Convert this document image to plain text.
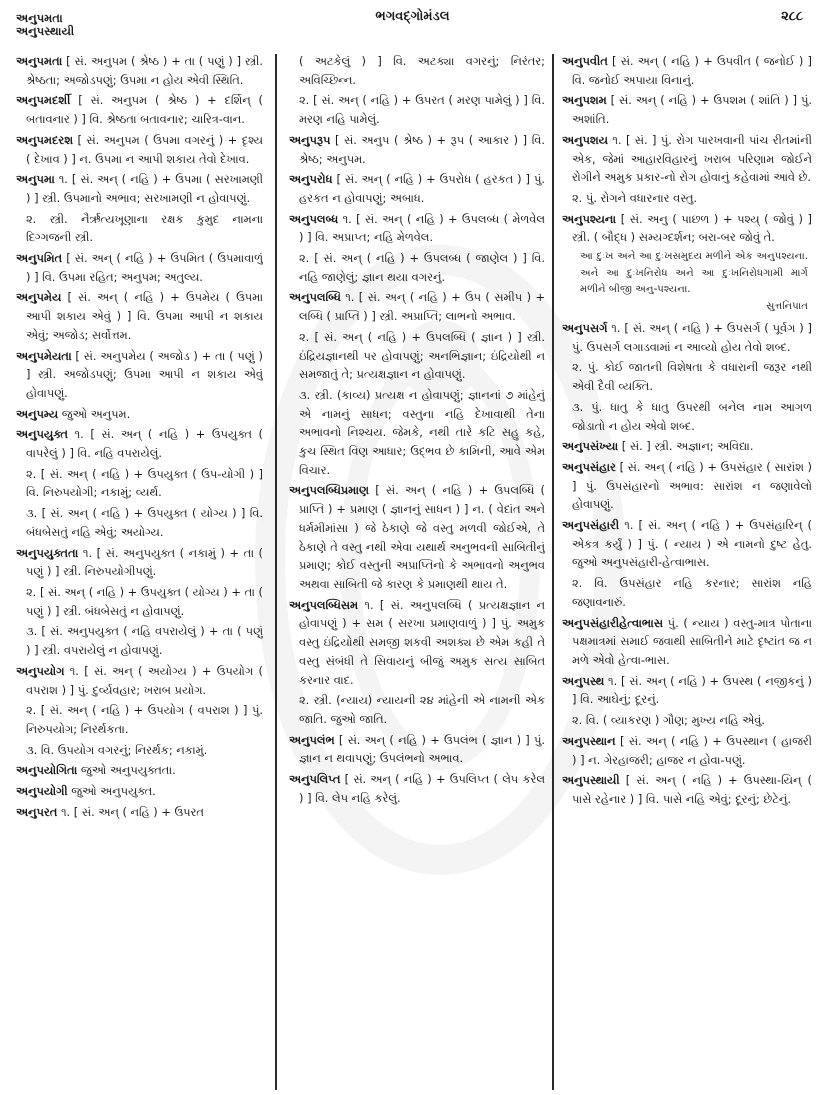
અનુપમતા
અનુપસ્થાયી
ભગવદ્ગોમંડલ	૨૮૮

અનુપમતા [ સં. અનુપમ ( શ્રેષ્ઠ ) + તા ( પણું ) ] સ્ત્રી. શ્રેષ્ઠતા; અજોડપણું; ઉપમા ન હોય એવી સ્થિતિ.

અનુપમદર્શી [ સં. અનુપમ ( શ્રેષ્ઠ ) + દર્શિન્ ( બતાવનાર ) ] વિ. શ્રેષ્ઠતા બતાવનાર; ચારિત્ર-વાન.

અનુપમદરશ [ સં. અનુપમ ( ઉપમા વગરનું ) + દૃશ્ય ( દેખાવ ) ] ન. ઉપમા ન આપી શકાય તેવો દેખાવ.

અનુપમા ૧. [ સં. અન્ ( નહિ ) + ઉપમા ( સરખામણી ) ] સ્ત્રી. ઉપમાનો અભાવ; સરખામણી ન હોવાપણું.

૨. સ્ત્રી. નૈર્ઋત્યખૂણાના રક્ષક કુમુદ નામના દિગ્ગજની સ્ત્રી.

અનુપમિત [ સં. અન્ ( નહિ ) + ઉપમિત ( ઉપમાવાળું ) ] વિ. ઉપમા રહિત; અનુપમ; અતુલ્ય.

અનુપમેય [ સં. અન્ ( નહિ ) + ઉપમેય ( ઉપમા આપી શકાય એવું ) ] વિ. ઉપમા આપી ન શકાય એવું; અજોડ; સર્વોત્તમ.

અનુપમેયતા [ સં. અનુપમેય ( અજોડ ) + તા ( પણું ) ] સ્ત્રી. અજોડપણું; ઉપમા આપી ન શકાય એવું હોવાપણું.

અનુપમ્ય જુઓ અનુપમ.

અનુપયુક્ત ૧. [ સં. અન્ ( નહિ ) + ઉપયુક્ત ( વાપરેલું ) ] વિ. નહિ વપરાયેલું.

૨. [ સં. અન્ ( નહિ ) + ઉપયુક્ત ( ઉપ-યોગી ) ] વિ. નિરુપયોગી; નકામું; વ્યર્થ.

૩. [ સં. અન્ ( નહિ ) + ઉપયુક્ત ( યોગ્ય ) ] વિ. બંધબેસતું નહિ એવું; અયોગ્ય.

અનુપયુક્તતા ૧. [ સં. અનુપયુક્ત ( નકામું ) + તા ( પણું ) ] સ્ત્રી. નિરુપયોગીપણું.

૨. [ સં. અન્ ( નહિ ) + ઉપયુક્ત ( યોગ્ય ) + તા ( પણું ) ] સ્ત્રી. બંધબેસતું ન હોવાપણું.

૩. [ સં. અનુપયુક્ત ( નહિ વપરાયેલું ) + તા ( પણું ) ] સ્ત્રી. વપરાયેલું ન હોવાપણું.

અનુપયોગ ૧. [ સં. અન્ ( અયોગ્ય ) + ઉપયોગ ( વપરાશ ) ] પું. દુર્વ્યવહાર; ખરાબ પ્રયોગ.

૨. [ સં. અન્ ( નહિ ) + ઉપયોગ ( વપરાશ ) ] પું. નિરુપયોગ; નિરર્થકતા.

૩. વિ. ઉપયોગ વગરનું; નિરર્થક; નકામું.

અનુપયોગિતા જુઓ અનુપયુક્તતા.

અનુપયોગી જુઓ અનુપયુક્ત.

અનુપરત ૧. [ સં. અન્ ( નહિ ) + ઉપરત

( અટકેલું ) ] વિ. અટક્યા વગરનું; નિરંતર; અવિચ્છિન્ન.

૨. [ સં. અન્ ( નહિ ) + ઉપરત ( મરણ પામેલું ) ] વિ. મરણ નહિ પામેલું.

અનુપરૂપ [ સં. અનુપ ( શ્રેષ્ઠ ) + રૂપ ( આકાર ) ] વિ. શ્રેષ્ઠ; અનુપમ.

અનુપરોધ [ સં. અન્ ( નહિ ) + ઉપરોધ ( હરકત ) ] પું. હરકત ન હોવાપણું; અબાધ.

અનુપલબ્ધ ૧. [ સં. અન્ ( નહિ ) + ઉપલબ્ધ ( મેળવેલ ) ] વિ. અપ્રાપ્ત; નહિ મેળવેલ.

૨. [ સં. અન્ ( નહિ ) + ઉપલબ્ધ ( જાણેલ ) ] વિ. નહિ જાણેલું; જ્ઞાન થયા વગરનું.

અનુપલબ્ધિ ૧. [ સં. અન્ ( નહિ ) + ઉપ ( સમીપ ) + લબ્ધિ ( પ્રાપ્તિ ) ] સ્ત્રી. અપ્રાપ્તિ; લાભનો અભાવ.

૨. [ સં. અન્ ( નહિ ) + ઉપલબ્ધિ ( જ્ઞાન ) ] સ્ત્રી. ઇંદ્રિયજ્ઞાનથી પર હોવાપણું; અનભિજ્ઞાન; ઇંદ્રિયોથી ન સમજાતું તે; પ્રત્યક્ષજ્ઞાન ન હોવાપણું.

૩. સ્ત્રી. (કાવ્ય) પ્રત્યક્ષ ન હોવાપણું; જ્ઞાનનાં ૭ માંહેનું એ નામનું સાધન; વસ્તુના નહિ દેખાવાથી તેના અભાવનો નિશ્ચય. જેમકે, નથી તારે કટિ સહુ કહે, કુચ સ્થિત વિણ આધાર; ઉદ્ભવ છે કામિની, આવે એમ વિચાર.

અનુપલબ્ધિપ્રમાણ [ સં. અન્ ( નહિ ) + ઉપલબ્ધિ ( પ્રાપ્તિ ) + પ્રમાણ ( જ્ઞાનનું સાધન ) ] ન. ( વેદાંત અને ધર્મમીમાંસા ) જે ઠેકાણે જે વસ્તુ મળવી જોઈએ, તે ઠેકાણે તે વસ્તુ નથી એવા યથાર્થ અનુભવની સાબિતીનું પ્રમાણ; કોઈ વસ્તુની અપ્રાપ્તિનો કે અભાવનો અનુભવ અથવા સાબિતી જે કારણ કે પ્રમાણથી થાય તે.

અનુપલબ્ધિસમ ૧. [ સં. અનુપલબ્ધિ ( પ્રત્યક્ષજ્ઞાન ન હોવાપણું ) + સમ ( સરખા પ્રમાણવાળું ) ] પું. અમુક વસ્તુ ઇંદ્રિયોથી સમજી શકવી અશક્ય છે એમ કહી તે વસ્તુ સંબંધી તે સિવાયનું બીજું અમુક સત્ય સાબિત કરનાર વાદ.

૨. સ્ત્રી. (ન્યાય) ન્યાયની ૨૪ માંહેની એ નામની એક જાતિ. જુઓ જાતિ.

અનુપલંભ [ સં. અન્ ( નહિ ) + ઉપલંભ ( જ્ઞાન ) ] પું. જ્ઞાન ન થવાપણું; ઉપલંભનો અભાવ.

અનુપલિપ્ત [ સં. અન્ ( નહિ ) + ઉપલિપ્ત ( લેપ કરેલ ) ] વિ. લેપ નહિ કરેલું.

અનુપવીત [ સં. અન્ ( નહિ ) + ઉપવીત ( જનોઈ ) ] વિ. જનોઈ અપાયા વિનાનું.

અનુપશમ [ સં. અન્ ( નહિ ) + ઉપશમ ( શાંતિ ) ] પું. અશાંતિ.

અનુપશય ૧. [ સં. ] પું. રોગ પારખવાની પાંચ રીતમાંની એક, જેમાં આહારવિહારનું ખરાબ પરિણામ જોઈને રોગીને અમુક પ્રકાર-નો રોગ હોવાનું કહેવામાં આવે છે.

૨. પું. રોગને વધારનાર વસ્તુ.

અનુપશ્યના [ સં. અનુ ( પાછળ ) + પશ્ય્ ( જોવું ) ] સ્ત્રી. ( બૌદ્ધ ) સમ્યગ્દર્શન; બરા-બર જોવું તે.

આ દુઃખ અને આ દુઃખસમુદય મળીને એક અનુપશ્યના. અને આ દુઃખનિરોધ અને આ દુઃખનિરોધગામી માર્ગ મળીને બીજી અનુ-પશ્યના.
સુત્તનિપાત

અનુપસર્ગ ૧. [ સં. અન્ ( નહિ ) + ઉપસર્ગ ( પૂર્વગ ) ] પું. ઉપસર્ગ લગાડવામાં ન આવ્યો હોય તેવો શબ્દ.

૨. પું. કોઈ જાતની વિશેષતા કે વધારાની જરૂર નથી એવી દૈવી વ્યક્તિ.

૩. પું. ધાતુ કે ધાતુ ઉપરથી બનેલ નામ આગળ જોડાતો ન હોય એવો શબ્દ.

અનુપસંખ્યા [ સં. ] સ્ત્રી. અજ્ઞાન; અવિદ્યા.

અનુપસંહાર [ સં. અન્ ( નહિ ) + ઉપસંહાર ( સારાંશ ) ] પું. ઉપસંહારનો અભાવ: સારાંશ ન જણાવેલો હોવાપણું.

અનુપસંહારી ૧. [ સં. અન્ ( નહિ ) + ઉપસંહારિન્ ( એકત્ર કર્યું ) ] પું. ( ન્યાય ) એ નામનો દુષ્ટ હેતુ. જુઓ અનુપસંહારી-હેત્વાભાસ.

૨. વિ. ઉપસંહાર નહિ કરનાર; સારાંશ નહિ જણાવનારું.

અનુપસંહારીહેત્વાભાસ પું. ( ન્યાય ) વસ્તુ-માત્ર પોતાના પક્ષમાત્રમાં સમાઈ જવાથી સાબિતીને માટે દૃષ્ટાંત જ ન મળે એવો હેત્વા-ભાસ.

અનુપસ્થ ૧. [ સં. અન્ ( નહિ ) + ઉપસ્થ ( નજીકનું ) ] વિ. આઘેનું; દૂરનું.

૨. વિ. ( વ્યાકરણ ) ગૌણ; મુખ્ય નહિ એવું.

અનુપસ્થાન [ સં. અન્ ( નહિ ) + ઉપસ્થાન ( હાજરી ) ] ન. ગેરહાજરી; હાજર ન હોવા-પણું.

અનુપસ્થાયી [ સં. અન્ ( નહિ ) + ઉપસ્થા-યિન્ ( પાસે રહેનાર ) ] વિ. પાસે નહિ એવું; દૂરનું; છેટેનું.
